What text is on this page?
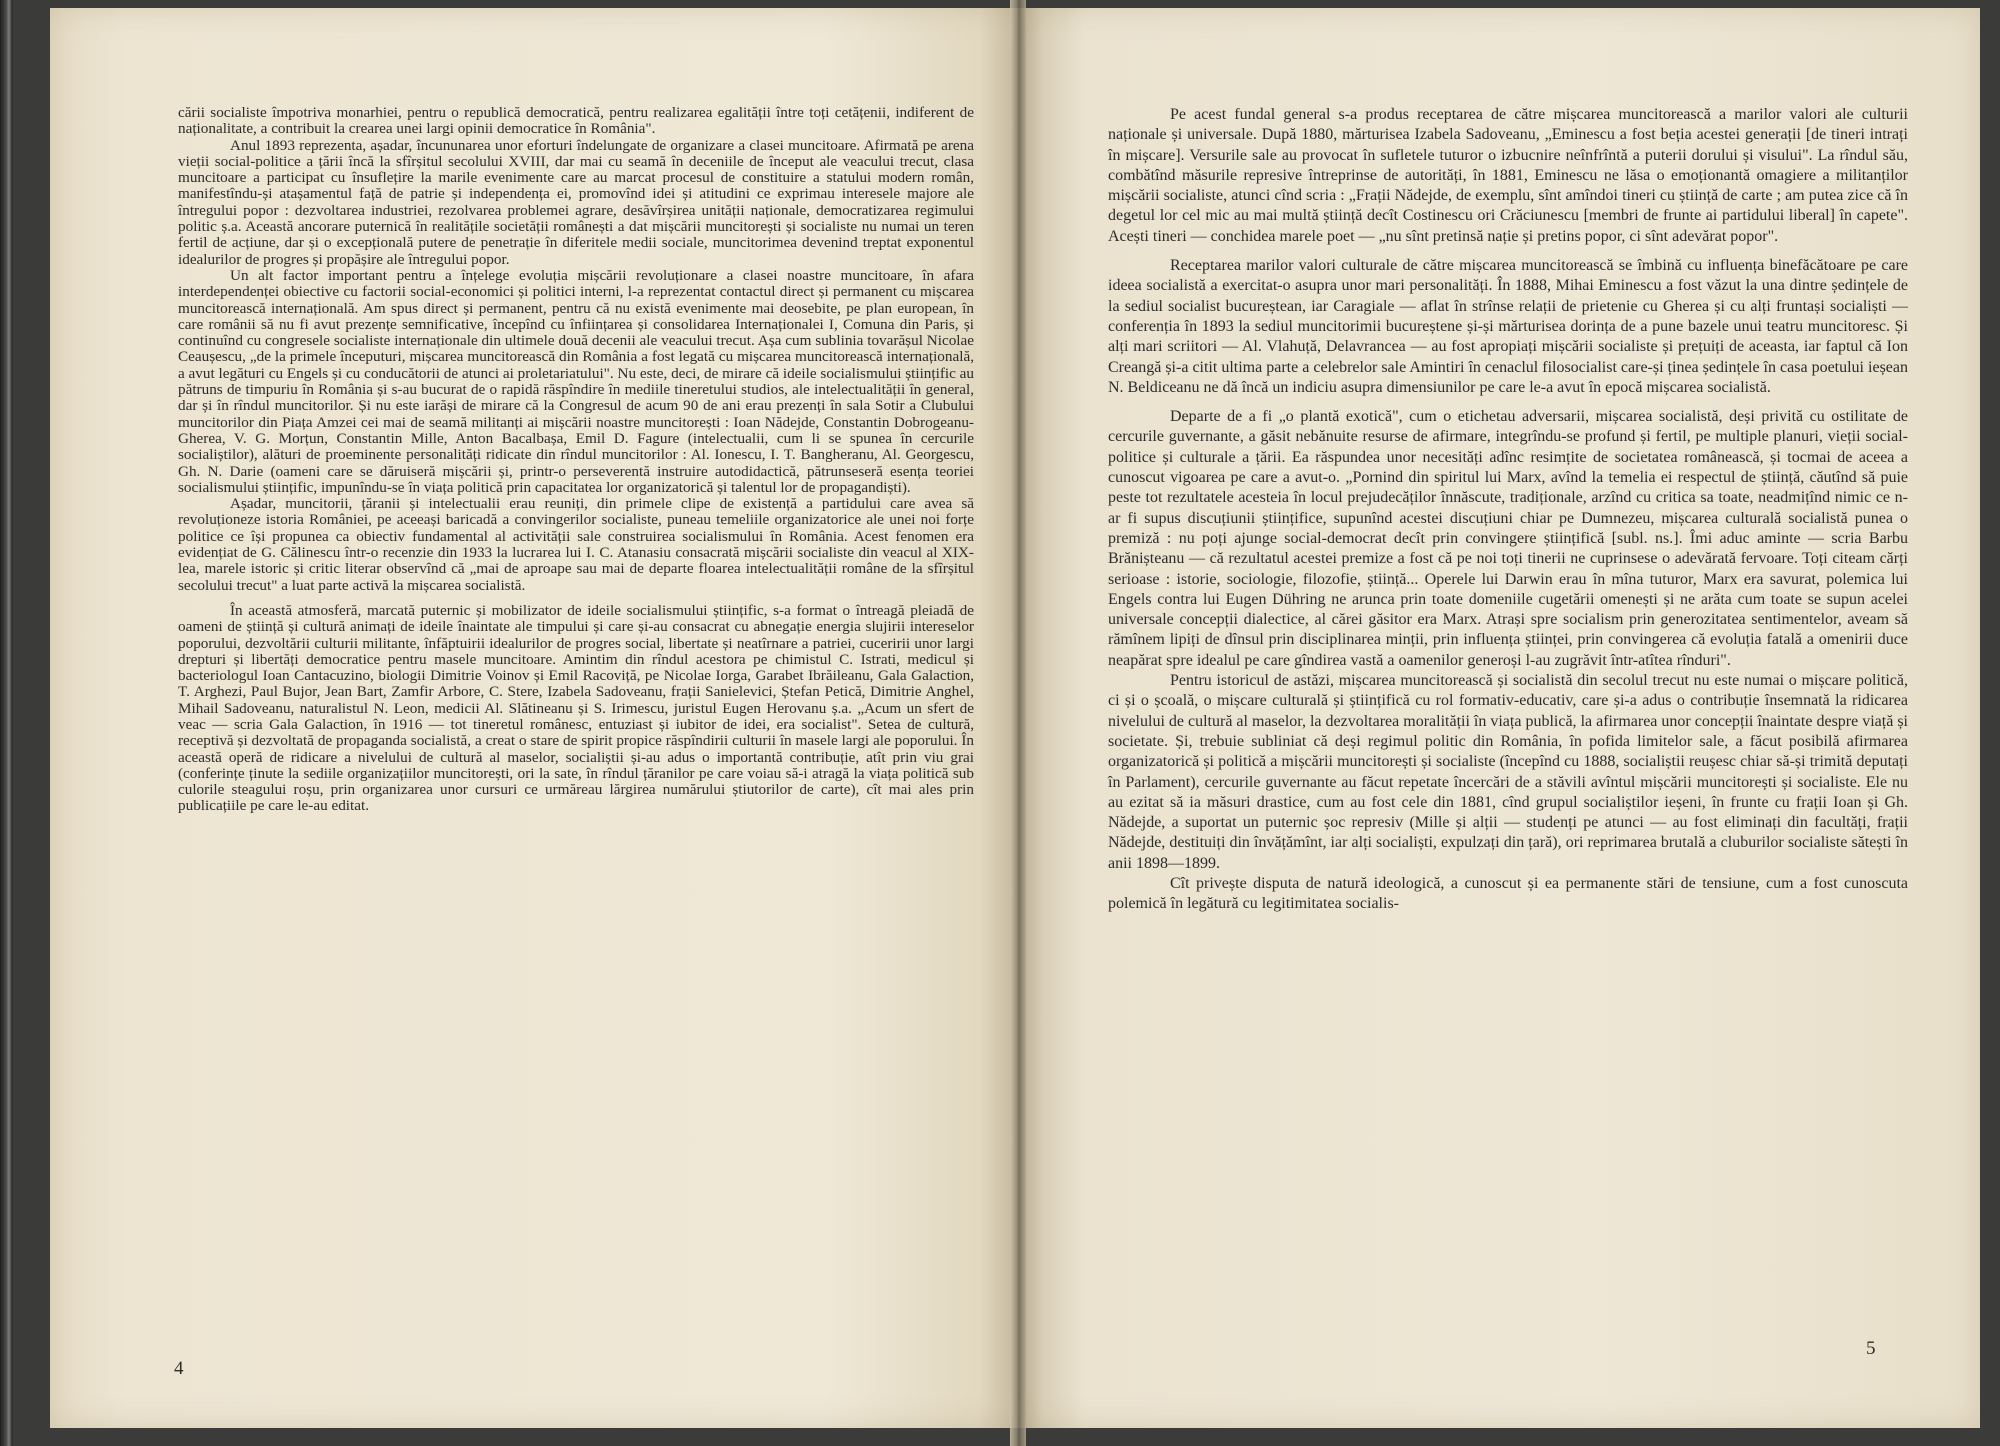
cării socialiste împotriva monarhiei, pentru o republică democratică, pentru realizarea egalității între toți cetățenii, indiferent de naționalitate, a contribuit la crearea unei largi opinii democratice în România".

Anul 1893 reprezenta, așadar, încununarea unor eforturi îndelungate de organizare a clasei muncitoare. Afirmată pe arena vieții social-politice a țării încă la sfîrșitul secolului XVIII, dar mai cu seamă în deceniile de început ale veacului trecut, clasa muncitoare a participat cu însuflețire la marile evenimente care au marcat procesul de constituire a statului modern român, manifestîndu-și atașamentul față de patrie și independența ei, promovînd idei și atitudini ce exprimau interesele majore ale întregului popor : dezvoltarea industriei, rezolvarea problemei agrare, desăvîrșirea unității naționale, democratizarea regimului politic ș.a. Această ancorare puternică în realitățile societății românești a dat mișcării muncitorești și socialiste nu numai un teren fertil de acțiune, dar și o excepțională putere de penetrație în diferitele medii sociale, muncitorimea devenind treptat exponentul idealurilor de progres și propășire ale întregului popor.

Un alt factor important pentru a înțelege evoluția mișcării revoluționare a clasei noastre muncitoare, în afara interdependenței obiective cu factorii social-economici și politici interni, l-a reprezentat contactul direct și permanent cu mișcarea muncitorească internațională. Am spus direct și permanent, pentru că nu există evenimente mai deosebite, pe plan european, în care românii să nu fi avut prezențe semnificative, începînd cu înființarea și consolidarea Internaționalei I, Comuna din Paris, și continuînd cu congresele socialiste internaționale din ultimele două decenii ale veacului trecut. Așa cum sublinia tovarășul Nicolae Ceaușescu, „de la primele începuturi, mișcarea muncitorească din România a fost legată cu mișcarea muncitorească internațională, a avut legături cu Engels și cu conducătorii de atunci ai proletariatului". Nu este, deci, de mirare că ideile socialismului științific au pătruns de timpuriu în România și s-au bucurat de o rapidă răspîndire în mediile tineretului studios, ale intelectualității în general, dar și în rîndul muncitorilor. Și nu este iarăși de mirare că la Congresul de acum 90 de ani erau prezenți în sala Sotir a Clubului muncitorilor din Piața Amzei cei mai de seamă militanți ai mișcării noastre muncitorești : Ioan Nădejde, Constantin Dobrogeanu-Gherea, V. G. Morțun, Constantin Mille, Anton Bacalbașa, Emil D. Fagure (intelectualii, cum li se spunea în cercurile socialiștilor), alături de proeminente personalități ridicate din rîndul muncitorilor : Al. Ionescu, I. T. Bangheranu, Al. Georgescu, Gh. N. Darie (oameni care se dăruiseră mișcării și, printr-o perseverentă instruire autodidactică, pătrunseseră esența teoriei socialismului științific, impunîndu-se în viața politică prin capacitatea lor organizatorică și talentul lor de propagandiști).

Așadar, muncitorii, țăranii și intelectualii erau reuniți, din primele clipe de existență a partidului care avea să revoluționeze istoria României, pe aceeași baricadă a convingerilor socialiste, puneau temeliile organizatorice ale unei noi forțe politice ce își propunea ca obiectiv fundamental al activității sale construirea socialismului în România. Acest fenomen era evidențiat de G. Călinescu într-o recenzie din 1933 la lucrarea lui I. C. Atanasiu consacrată mișcării socialiste din veacul al XIX-lea, marele istoric și critic literar observînd că „mai de aproape sau mai de departe floarea intelectualității române de la sfîrșitul secolului trecut" a luat parte activă la mișcarea socialistă.

În această atmosferă, marcată puternic și mobilizator de ideile socialismului științific, s-a format o întreagă pleiadă de oameni de știință și cultură animați de ideile înaintate ale timpului și care și-au consacrat cu abnegație energia slujirii intereselor poporului, dezvoltării culturii militante, înfăptuirii idealurilor de progres social, libertate și neatîrnare a patriei, cuceririi unor largi drepturi și libertăți democratice pentru masele muncitoare. Amintim din rîndul acestora pe chimistul C. Istrati, medicul și bacteriologul Ioan Cantacuzino, biologii Dimitrie Voinov și Emil Racoviță, pe Nicolae Iorga, Garabet Ibrăileanu, Gala Galaction, T. Arghezi, Paul Bujor, Jean Bart, Zamfir Arbore, C. Stere, Izabela Sadoveanu, frații Sanielevici, Ștefan Petică, Dimitrie Anghel, Mihail Sadoveanu, naturalistul N. Leon, medicii Al. Slătineanu și S. Irimescu, juristul Eugen Herovanu ș.a. „Acum un sfert de veac — scria Gala Galaction, în 1916 — tot tineretul românesc, entuziast și iubitor de idei, era socialist". Setea de cultură, receptivă și dezvoltată de propaganda socialistă, a creat o stare de spirit propice răspîndirii culturii în masele largi ale poporului. În această operă de ridicare a nivelului de cultură al maselor, socialiștii și-au adus o importantă contribuție, atît prin viu grai (conferințe ținute la sediile organizațiilor muncitorești, ori la sate, în rîndul țăranilor pe care voiau să-i atragă la viața politică sub culorile steagului roșu, prin organizarea unor cursuri ce urmăreau lărgirea numărului știutorilor de carte), cît mai ales prin publicațiile pe care le-au editat.

4

Pe acest fundal general s-a produs receptarea de către mișcarea muncitorească a marilor valori ale culturii naționale și universale. După 1880, mărturisea Izabela Sadoveanu, „Eminescu a fost beția acestei generații [de tineri intrați în mișcare]. Versurile sale au provocat în sufletele tuturor o izbucnire neînfrîntă a puterii dorului și visului". La rîndul său, combătînd măsurile represive întreprinse de autorități, în 1881, Eminescu ne lăsa o emoționantă omagiere a militanților mișcării socialiste, atunci cînd scria : „Frații Nădejde, de exemplu, sînt amîndoi tineri cu știință de carte ; am putea zice că în degetul lor cel mic au mai multă știință decît Costinescu ori Crăciunescu [membri de frunte ai partidului liberal] în capete". Acești tineri — conchidea marele poet — „nu sînt pretinsă nație și pretins popor, ci sînt adevărat popor".

Receptarea marilor valori culturale de către mișcarea muncitorească se îmbină cu influența binefăcătoare pe care ideea socialistă a exercitat-o asupra unor mari personalități. În 1888, Mihai Eminescu a fost văzut la una dintre ședințele de la sediul socialist bucureștean, iar Caragiale — aflat în strînse relații de prietenie cu Gherea și cu alți fruntași socialiști — conferenția în 1893 la sediul muncitorimii bucureștene și-și mărturisea dorința de a pune bazele unui teatru muncitoresc. Și alți mari scriitori — Al. Vlahuță, Delavrancea — au fost apropiați mișcării socialiste și prețuiți de aceasta, iar faptul că Ion Creangă și-a citit ultima parte a celebrelor sale Amintiri în cenaclul filosocialist care-și ținea ședințele în casa poetului ieșean N. Beldiceanu ne dă încă un indiciu asupra dimensiunilor pe care le-a avut în epocă mișcarea socialistă.

Departe de a fi „o plantă exotică", cum o etichetau adversarii, mișcarea socialistă, deși privită cu ostilitate de cercurile guvernante, a găsit nebănuite resurse de afirmare, integrîndu-se profund și fertil, pe multiple planuri, vieții social-politice și culturale a țării. Ea răspundea unor necesități adînc resimțite de societatea românească, și tocmai de aceea a cunoscut vigoarea pe care a avut-o. „Pornind din spiritul lui Marx, avînd la temelia ei respectul de știință, căutînd să puie peste tot rezultatele acesteia în locul prejudecăților înnăscute, tradiționale, arzînd cu critica sa toate, neadmițînd nimic ce n-ar fi supus discuțiunii științifice, supunînd acestei discuțiuni chiar pe Dumnezeu, mișcarea culturală socialistă punea o premiză : nu poți ajunge social-democrat decît prin convingere științifică [subl. ns.]. Îmi aduc aminte — scria Barbu Brănișteanu — că rezultatul acestei premize a fost că pe noi toți tinerii ne cuprinsese o adevărată fervoare. Toți citeam cărți serioase : istorie, sociologie, filozofie, știință... Operele lui Darwin erau în mîna tuturor, Marx era savurat, polemica lui Engels contra lui Eugen Dühring ne arunca prin toate domeniile cugetării omenești și ne arăta cum toate se supun acelei universale concepții dialectice, al cărei găsitor era Marx. Atrași spre socialism prin generozitatea sentimentelor, aveam să rămînem lipiți de dînsul prin disciplinarea minții, prin influența științei, prin convingerea că evoluția fatală a omenirii duce neapărat spre idealul pe care gîndirea vastă a oamenilor generoși l-au zugrăvit într-atîtea rînduri".

Pentru istoricul de astăzi, mișcarea muncitorească și socialistă din secolul trecut nu este numai o mișcare politică, ci și o școală, o mișcare culturală și științifică cu rol formativ-educativ, care și-a adus o contribuție însemnată la ridicarea nivelului de cultură al maselor, la dezvoltarea moralității în viața publică, la afirmarea unor concepții înaintate despre viață și societate. Și, trebuie subliniat că deși regimul politic din România, în pofida limitelor sale, a făcut posibilă afirmarea organizatorică și politică a mișcării muncitorești și socialiste (începînd cu 1888, socialiștii reușesc chiar să-și trimită deputați în Parlament), cercurile guvernante au făcut repetate încercări de a stăvili avîntul mișcării muncitorești și socialiste. Ele nu au ezitat să ia măsuri drastice, cum au fost cele din 1881, cînd grupul socialiștilor ieșeni, în frunte cu frații Ioan și Gh. Nădejde, a suportat un puternic șoc represiv (Mille și alții — studenți pe atunci — au fost eliminați din facultăți, frații Nădejde, destituiți din învățămînt, iar alți socialiști, expulzați din țară), ori reprimarea brutală a cluburilor socialiste sătești în anii 1898—1899.

Cît privește disputa de natură ideologică, a cunoscut și ea permanente stări de tensiune, cum a fost cunoscuta polemică în legătură cu legitimitatea socialis-

5
